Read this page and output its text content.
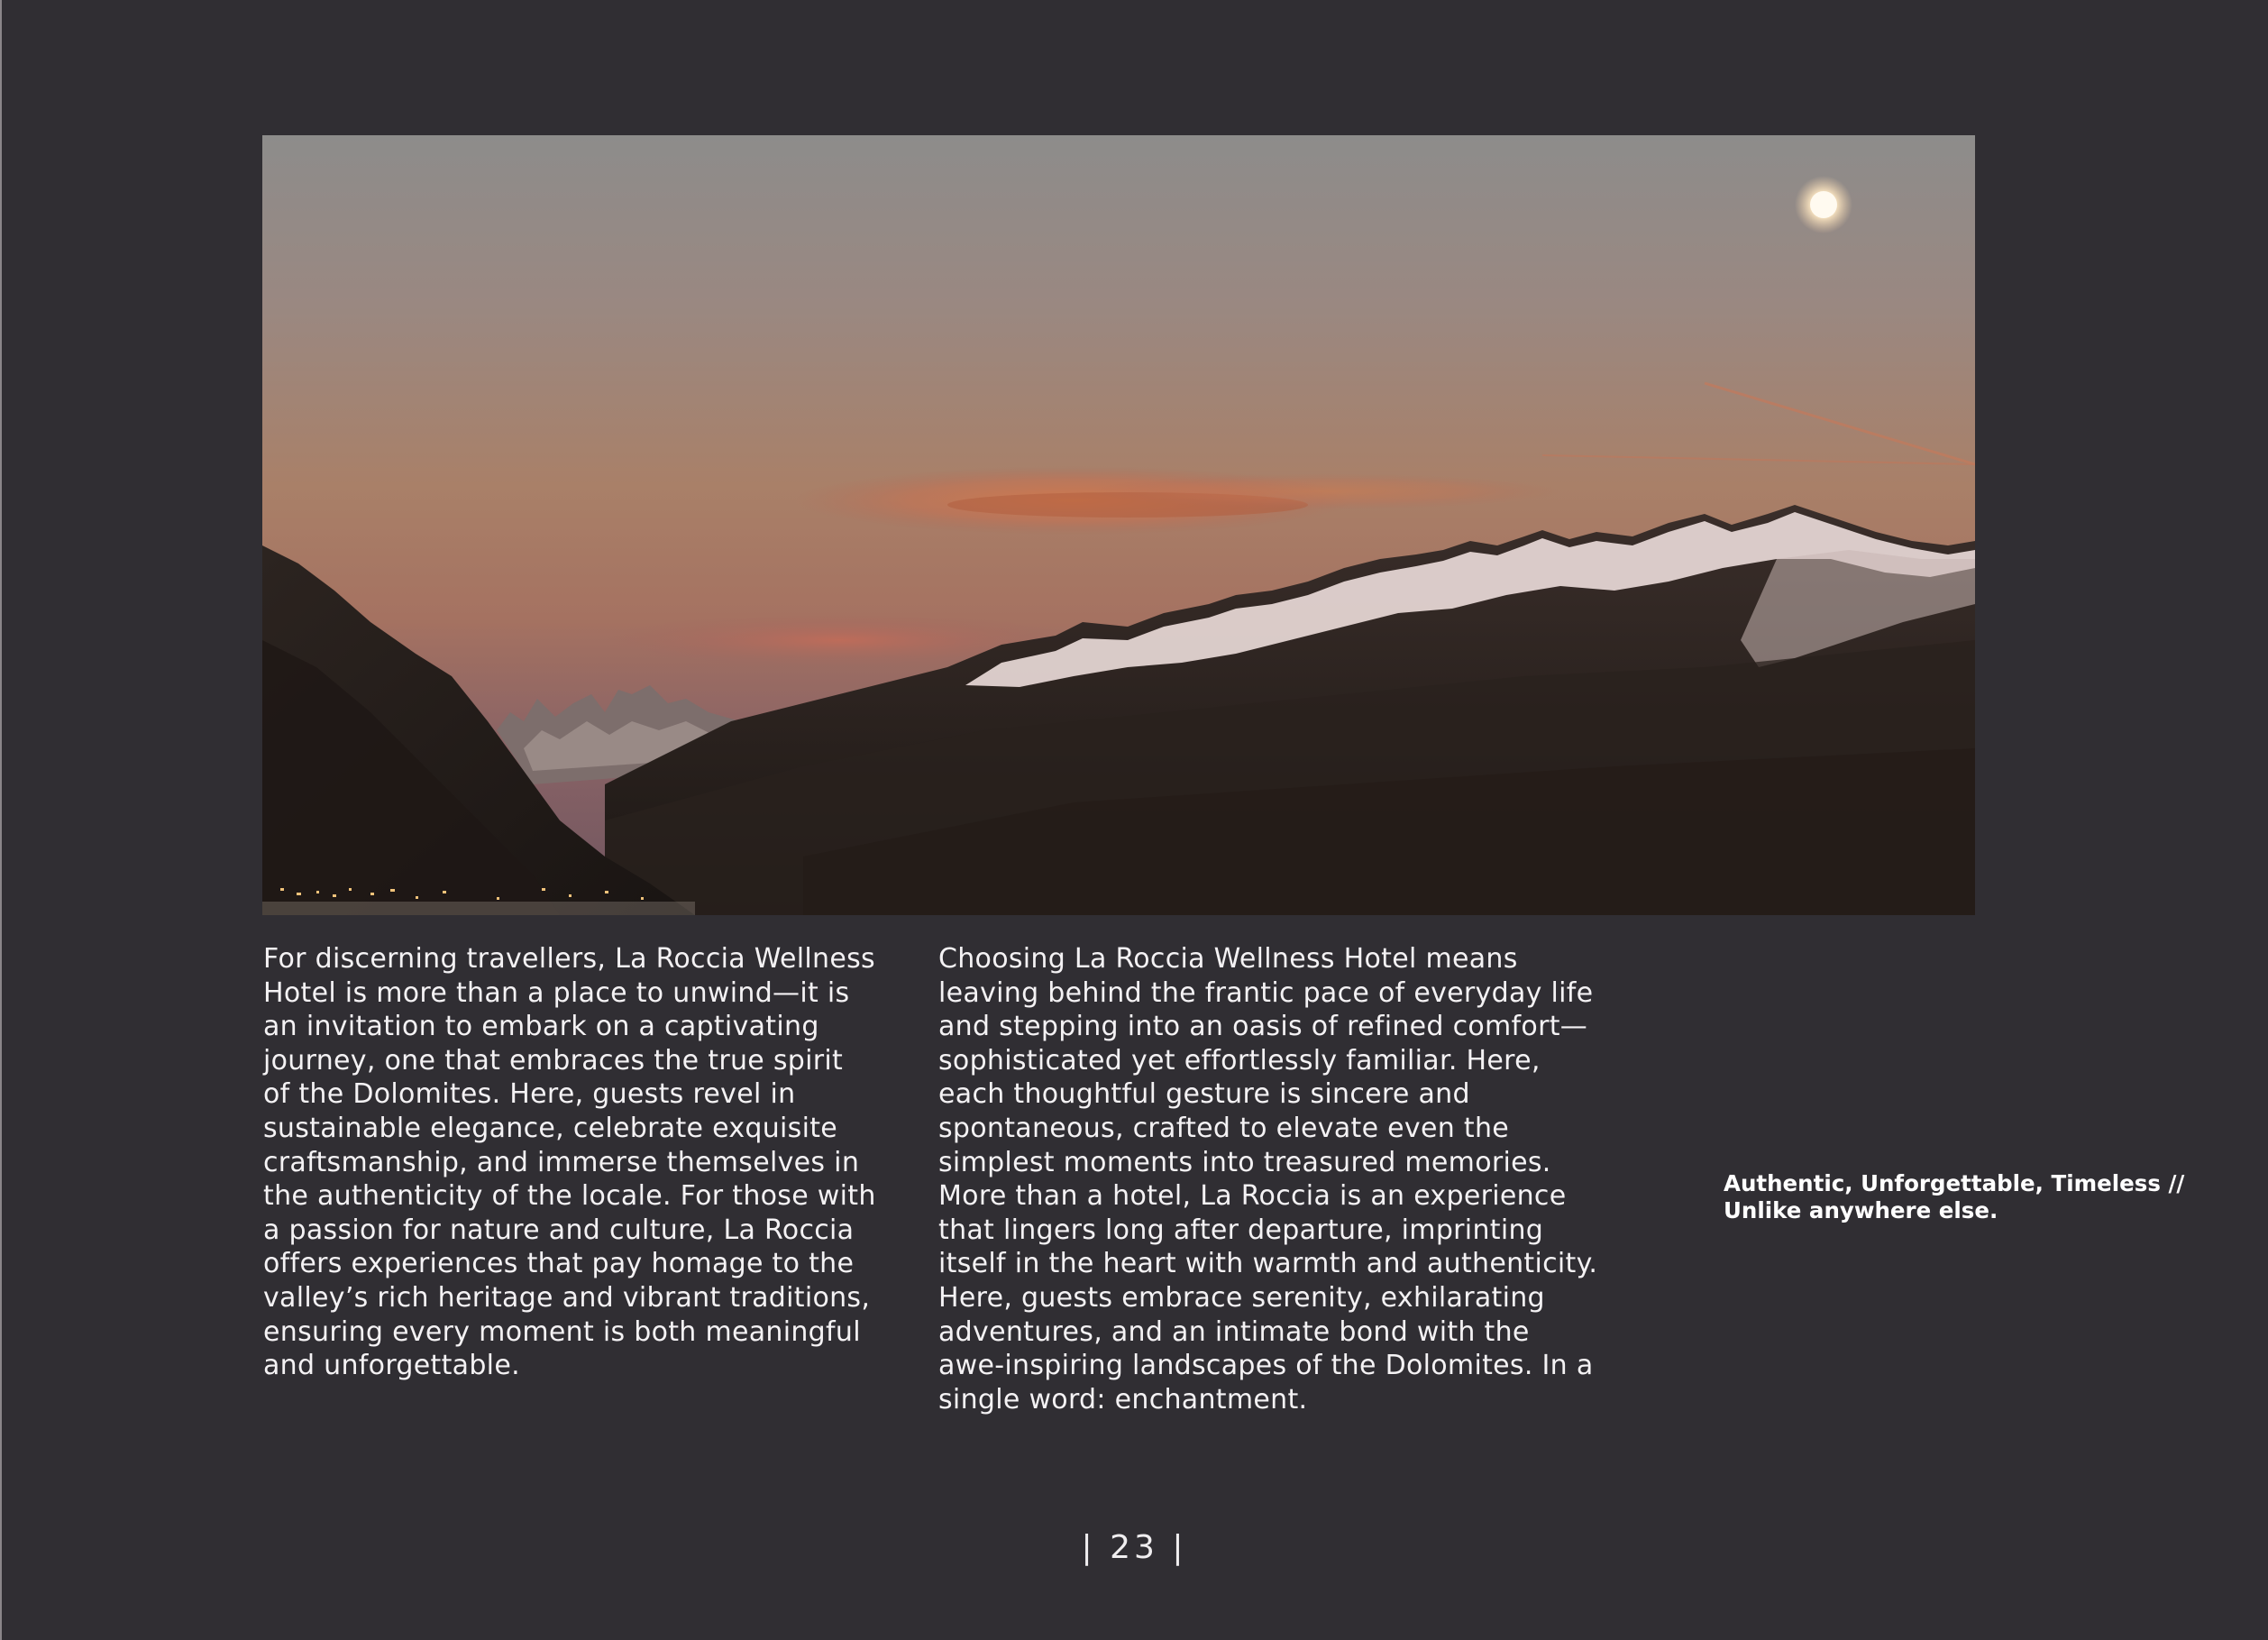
For discerning travellers, La Roccia Wellness Hotel is more than a place to unwind—it is an invitation to embark on a captivating journey, one that embraces the true spirit of the Dolomites. Here, guests revel in sustainable elegance, celebrate exquisite craftsmanship, and immerse themselves in the authenticity of the locale. For those with a passion for nature and culture, La Roccia offers experiences that pay homage to the valley’s rich heritage and vibrant traditions, ensuring every moment is both meaningful and unforgettable.

Choosing La Roccia Wellness Hotel means leaving behind the frantic pace of everyday life and stepping into an oasis of refined comfort—sophisticated yet effortlessly familiar. Here, each thoughtful gesture is sincere and spontaneous, crafted to elevate even the simplest moments into treasured memories. More than a hotel, La Roccia is an experience that lingers long after departure, imprinting itself in the heart with warmth and authenticity. Here, guests embrace serenity, exhilarating adventures, and an intimate bond with the awe-inspiring landscapes of the Dolomites. In a single word: enchantment.

Authentic, Unforgettable, Timeless //
Unlike anywhere else.
| 23 |
